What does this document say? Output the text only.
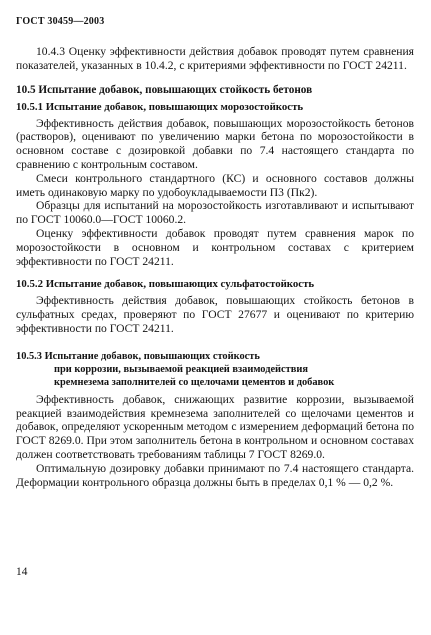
ГОСТ 30459—2003

10.4.3 Оценку эффективности действия добавок проводят путем сравнения показателей, указанных в 10.4.2, с критериями эффективности по ГОСТ 24211.

10.5 Испытание добавок, повышающих стойкость бетонов
10.5.1 Испытание добавок, повышающих морозостойкость

Эффективность действия добавок, повышающих морозостойкость бетонов (растворов), оценивают по увеличению марки бетона по морозостойкости в основном составе с дозировкой добавки по 7.4 настоящего стандарта по сравнению с контрольным составом.

Смеси контрольного стандартного (КС) и основного составов должны иметь одинаковую марку по удобоукладываемости П3 (Пк2).

Образцы для испытаний на морозостойкость изготавливают и испытывают по ГОСТ 10060.0—ГОСТ 10060.2.

Оценку эффективности добавок проводят путем сравнения марок по морозостойкости в основном и контрольном составах с критерием эффективности по ГОСТ 24211.

10.5.2 Испытание добавок, повышающих сульфатостойкость

Эффективность действия добавок, повышающих стойкость бетонов в сульфатных средах, проверяют по ГОСТ 27677 и оценивают по критерию эффективности по ГОСТ 24211.

10.5.3 Испытание добавок, повышающих стойкость
при коррозии, вызываемой реакцией взаимодействия
кремнезема заполнителей со щелочами цементов и добавок

Эффективность добавок, снижающих развитие коррозии, вызываемой реакцией взаимодействия кремнезема заполнителей со щелочами цементов и добавок, определяют ускоренным методом с измерением деформаций бетона по ГОСТ 8269.0. При этом заполнитель бетона в контрольном и основном составах должен соответствовать требованиям таблицы 7 ГОСТ 8269.0.

Оптимальную дозировку добавки принимают по 7.4 настоящего стандарта. Деформации контрольного образца должны быть в пределах 0,1 % — 0,2 %.

14
